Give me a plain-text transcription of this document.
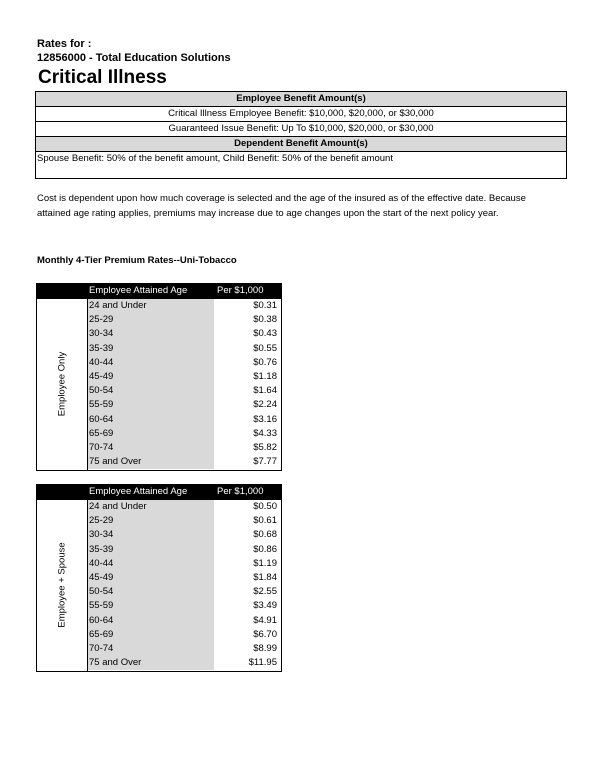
Rates for :
12856000 - Total Education Solutions
Critical Illness
Employee Benefit Amount(s)
Critical Illness Employee Benefit: $10,000, $20,000, or $30,000
Guaranteed Issue Benefit: Up To $10,000, $20,000, or $30,000
Dependent Benefit Amount(s)
Spouse Benefit: 50% of the benefit amount, Child Benefit: 50% of the benefit amount
Cost is dependent upon how much coverage is selected and the age of the insured as of the effective date. Because attained age rating applies, premiums may increase due to age changes upon the start of the next policy year.
Monthly 4-Tier Premium Rates--Uni-Tobacco
Employee Attained Age	Per $1,000
Employee Only
24 and Under	$0.31
25-29	$0.38
30-34	$0.43
35-39	$0.55
40-44	$0.76
45-49	$1.18
50-54	$1.64
55-59	$2.24
60-64	$3.16
65-69	$4.33
70-74	$5.82
75 and Over	$7.77
Employee Attained Age	Per $1,000
Employee + Spouse
24 and Under	$0.50
25-29	$0.61
30-34	$0.68
35-39	$0.86
40-44	$1.19
45-49	$1.84
50-54	$2.55
55-59	$3.49
60-64	$4.91
65-69	$6.70
70-74	$8.99
75 and Over	$11.95
